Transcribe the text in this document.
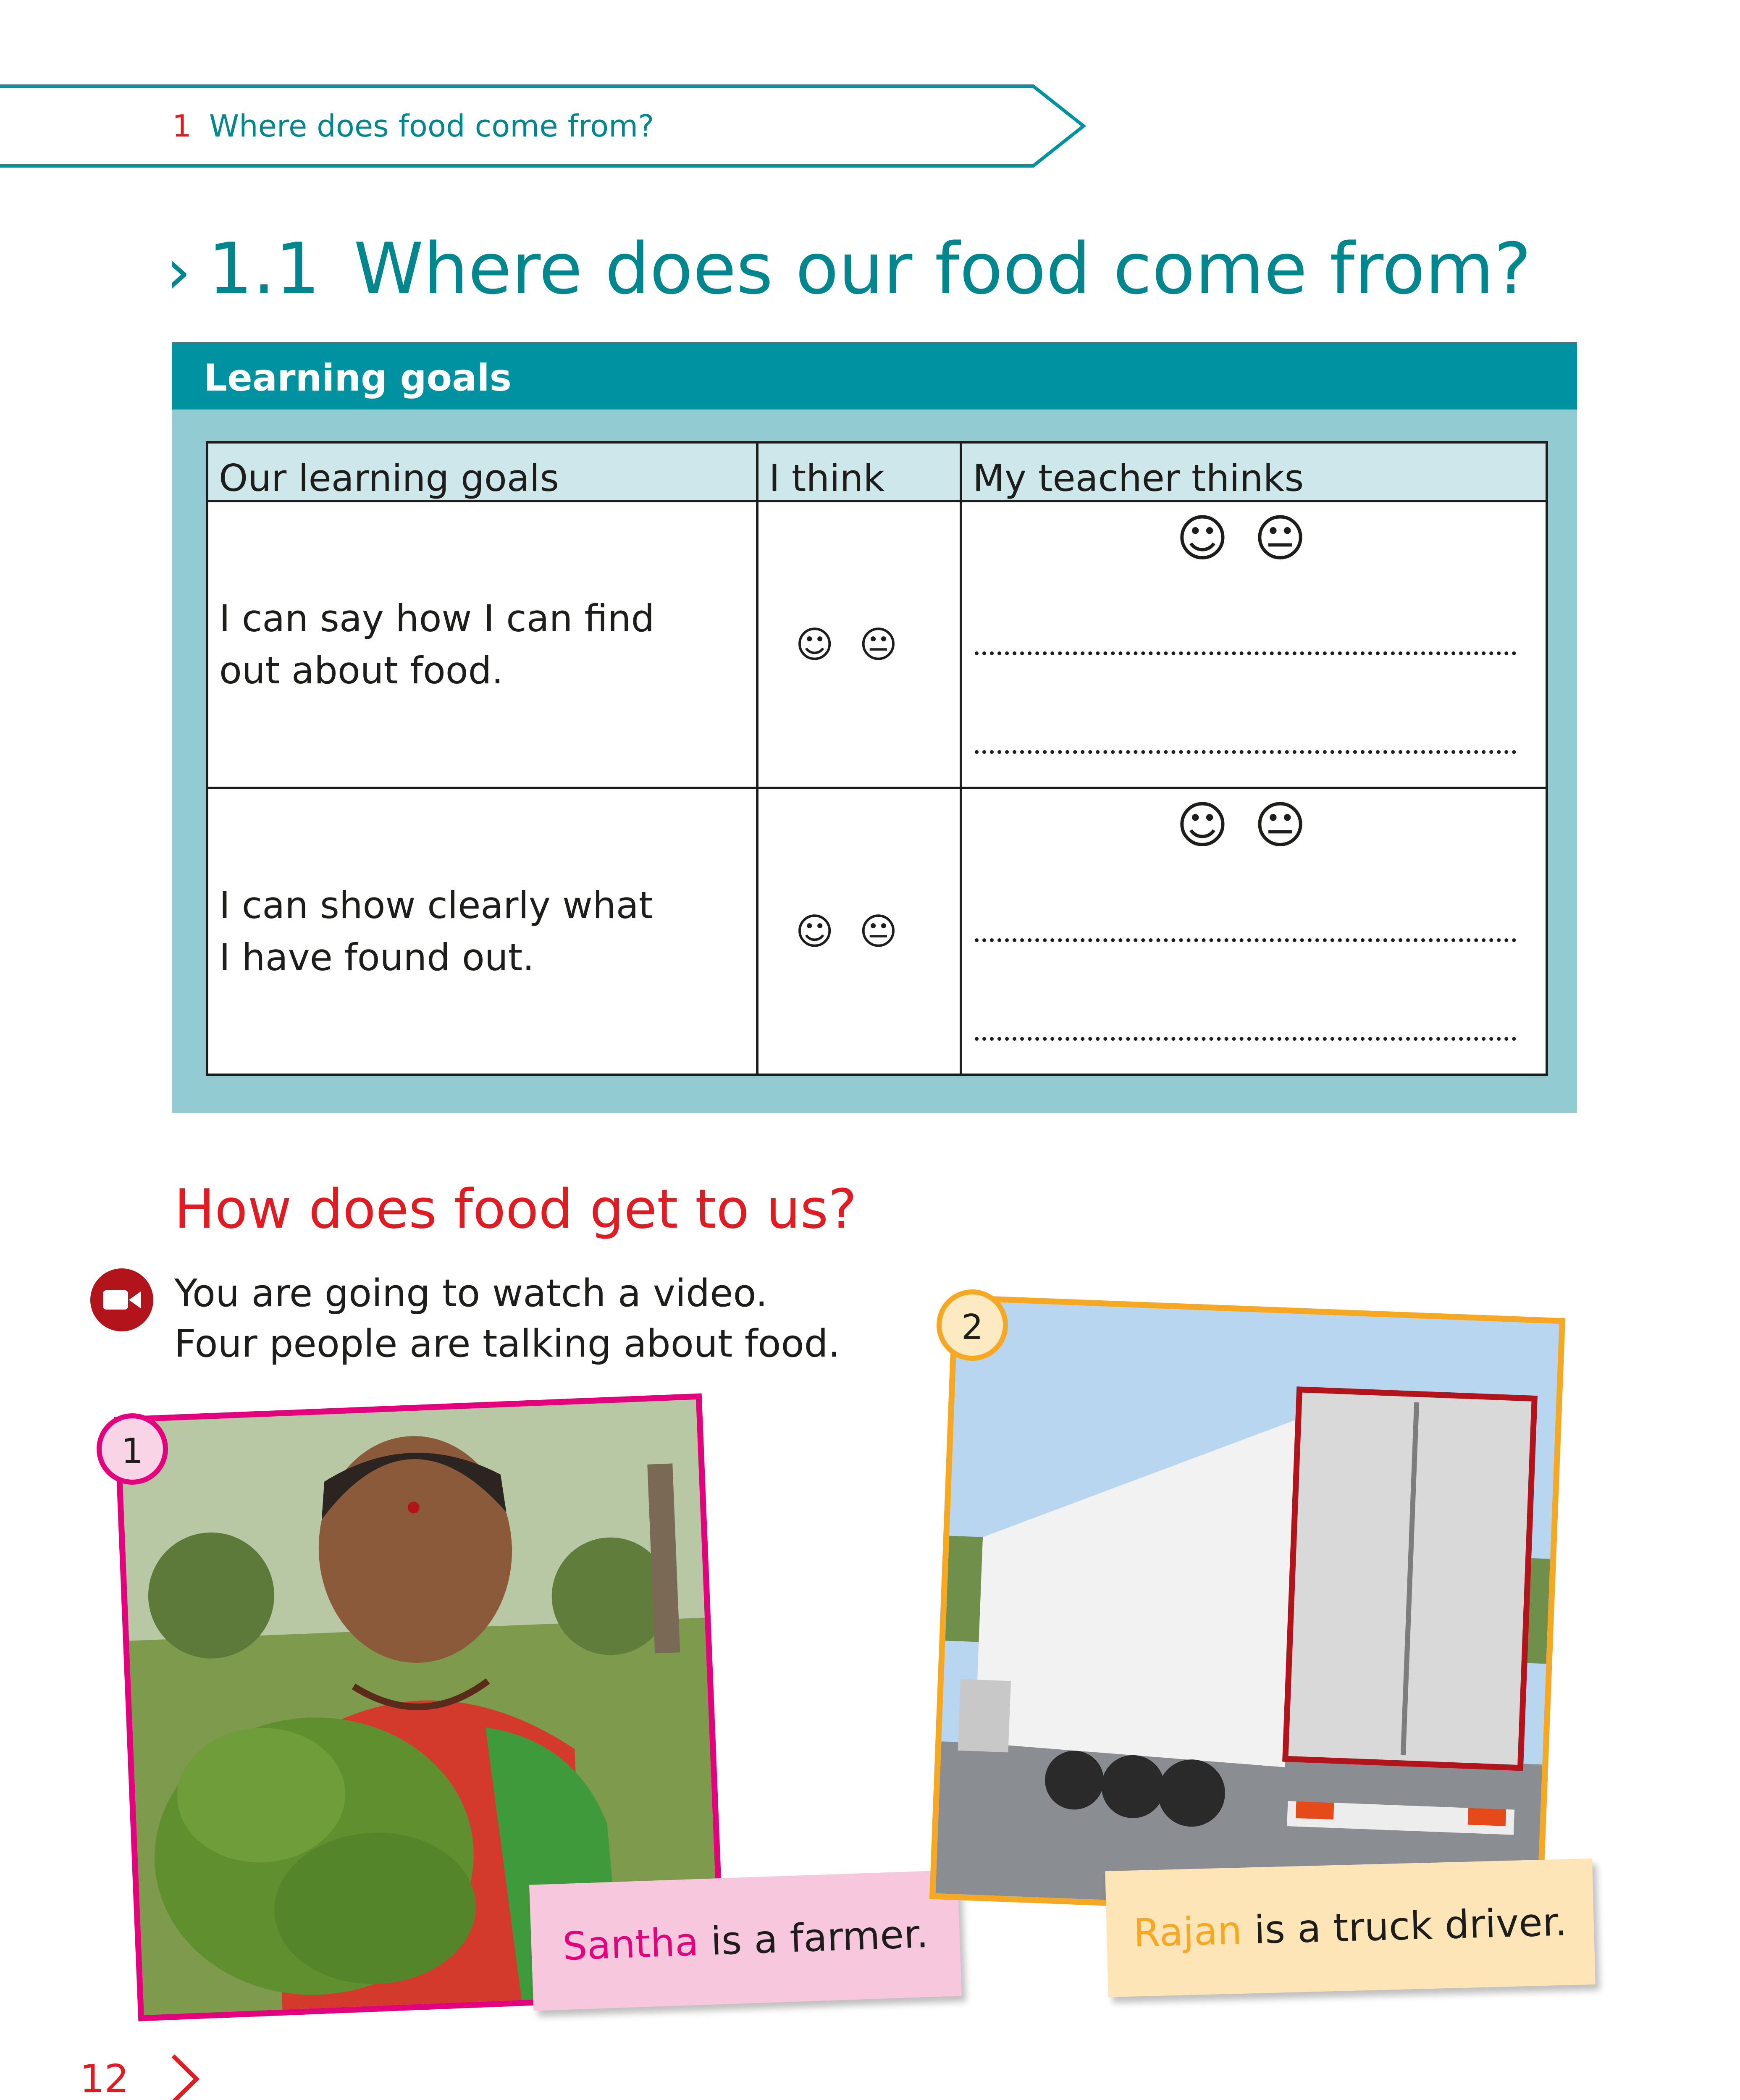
1 Where does food come from?
› 1.1 Where does our food come from?
Learning goals
Our learning goals	I think	My teacher thinks

I can say how I can find
out about food.	☺😐	☺😐

I can show clearly what
I have found out.	☺😐	☺😐
How does food get to us?
You are going to watch a video.
Four people are talking about food.
1
Santha is a farmer.
2
Rajan is a truck driver.
12
